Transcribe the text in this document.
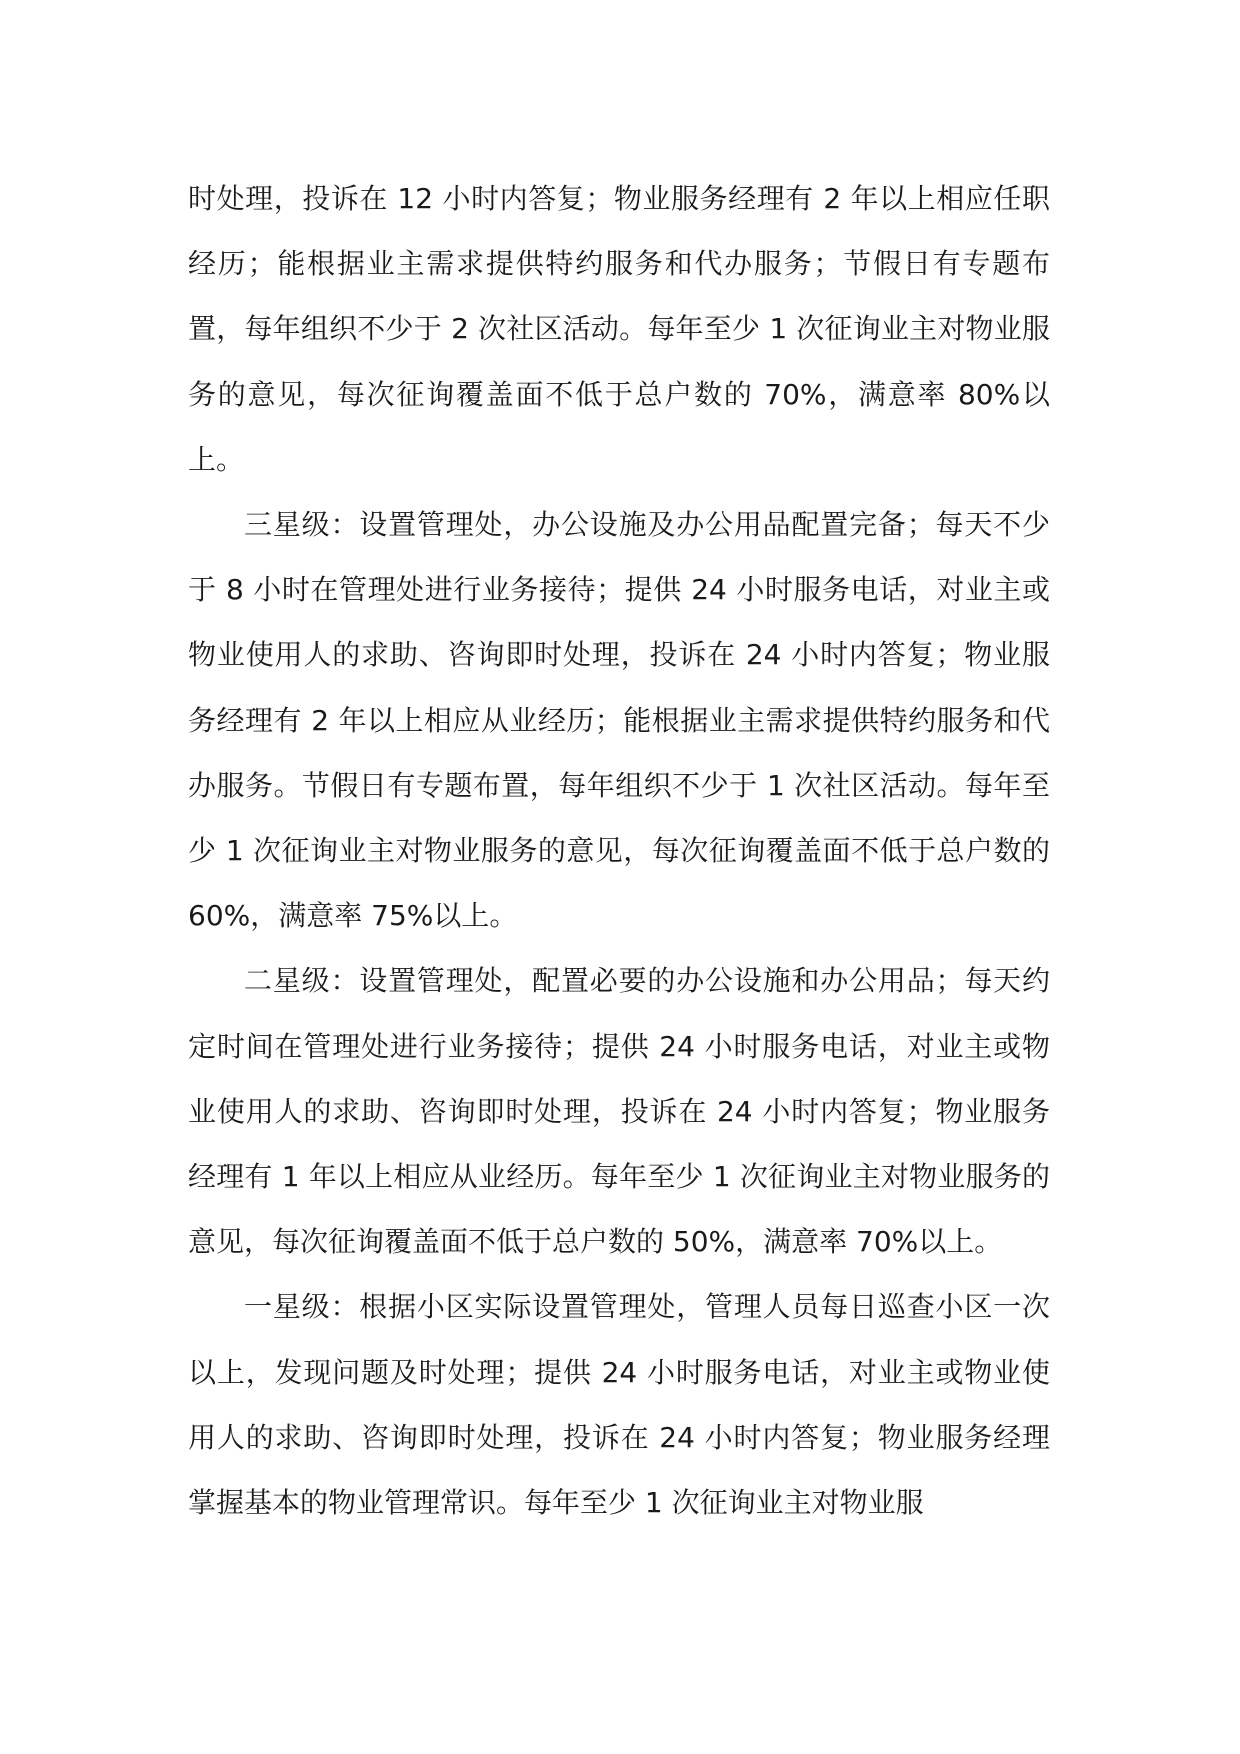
时处理，投诉在 12 小时内答复；物业服务经理有 2 年以上相应任职经历；能根据业主需求提供特约服务和代办服务；节假日有专题布置，每年组织不少于 2 次社区活动。每年至少 1 次征询业主对物业服务的意见，每次征询覆盖面不低于总户数的 70%，满意率 80%以上。

三星级：设置管理处，办公设施及办公用品配置完备；每天不少于 8 小时在管理处进行业务接待；提供 24 小时服务电话，对业主或物业使用人的求助、咨询即时处理，投诉在 24 小时内答复；物业服务经理有 2 年以上相应从业经历；能根据业主需求提供特约服务和代办服务。节假日有专题布置，每年组织不少于 1 次社区活动。每年至少 1 次征询业主对物业服务的意见，每次征询覆盖面不低于总户数的 60%，满意率 75%以上。

二星级：设置管理处，配置必要的办公设施和办公用品；每天约定时间在管理处进行业务接待；提供 24 小时服务电话，对业主或物业使用人的求助、咨询即时处理，投诉在 24 小时内答复；物业服务经理有 1 年以上相应从业经历。每年至少 1 次征询业主对物业服务的意见，每次征询覆盖面不低于总户数的 50%，满意率 70%以上。

一星级：根据小区实际设置管理处，管理人员每日巡查小区一次以上，发现问题及时处理；提供 24 小时服务电话，对业主或物业使用人的求助、咨询即时处理，投诉在 24 小时内答复；物业服务经理掌握基本的物业管理常识。每年至少 1 次征询业主对物业服
